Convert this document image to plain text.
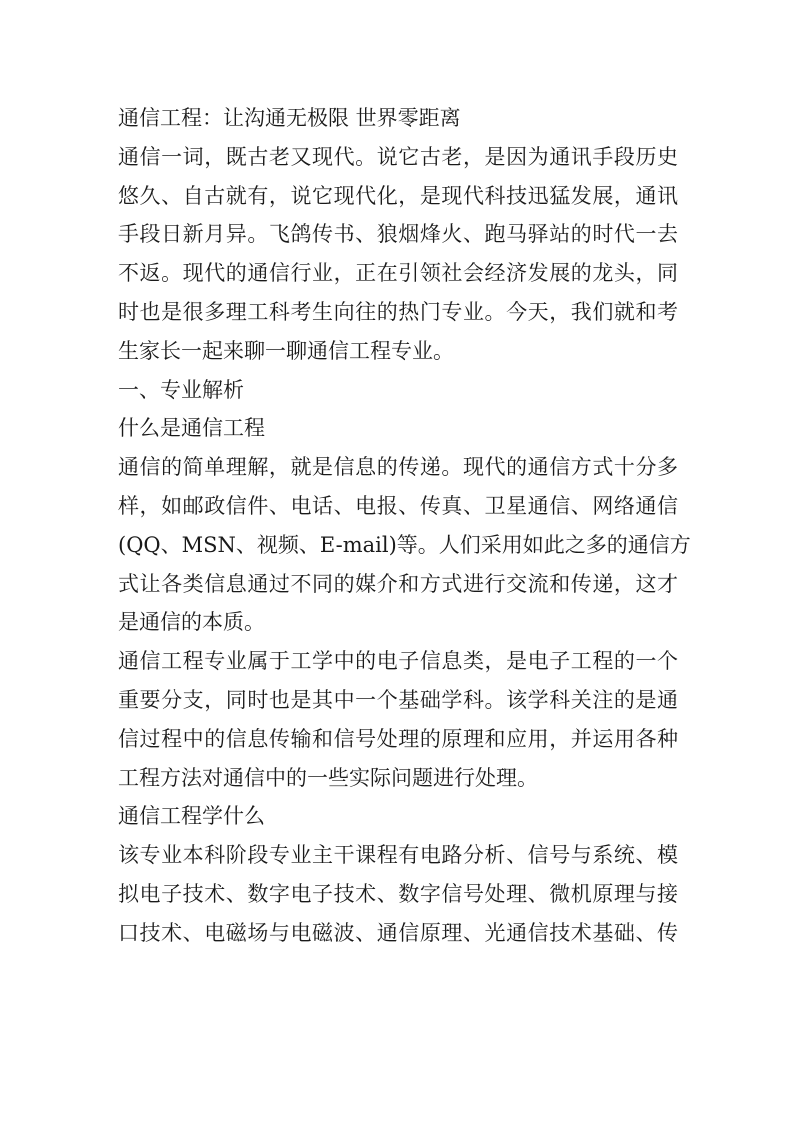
通信工程：让沟通无极限 世界零距离
通信一词，既古老又现代。说它古老，是因为通讯手段历史
悠久、自古就有，说它现代化，是现代科技迅猛发展，通讯
手段日新月异。飞鸽传书、狼烟烽火、跑马驿站的时代一去
不返。现代的通信行业，正在引领社会经济发展的龙头，同
时也是很多理工科考生向往的热门专业。今天，我们就和考
生家长一起来聊一聊通信工程专业。
一、专业解析
什么是通信工程
通信的简单理解，就是信息的传递。现代的通信方式十分多
样，如邮政信件、电话、电报、传真、卫星通信、网络通信
(QQ、MSN、视频、E-mail)等。人们采用如此之多的通信方
式让各类信息通过不同的媒介和方式进行交流和传递，这才
是通信的本质。
通信工程专业属于工学中的电子信息类，是电子工程的一个
重要分支，同时也是其中一个基础学科。该学科关注的是通
信过程中的信息传输和信号处理的原理和应用，并运用各种
工程方法对通信中的一些实际问题进行处理。
通信工程学什么
该专业本科阶段专业主干课程有电路分析、信号与系统、模
拟电子技术、数字电子技术、数字信号处理、微机原理与接
口技术、电磁场与电磁波、通信原理、光通信技术基础、传
